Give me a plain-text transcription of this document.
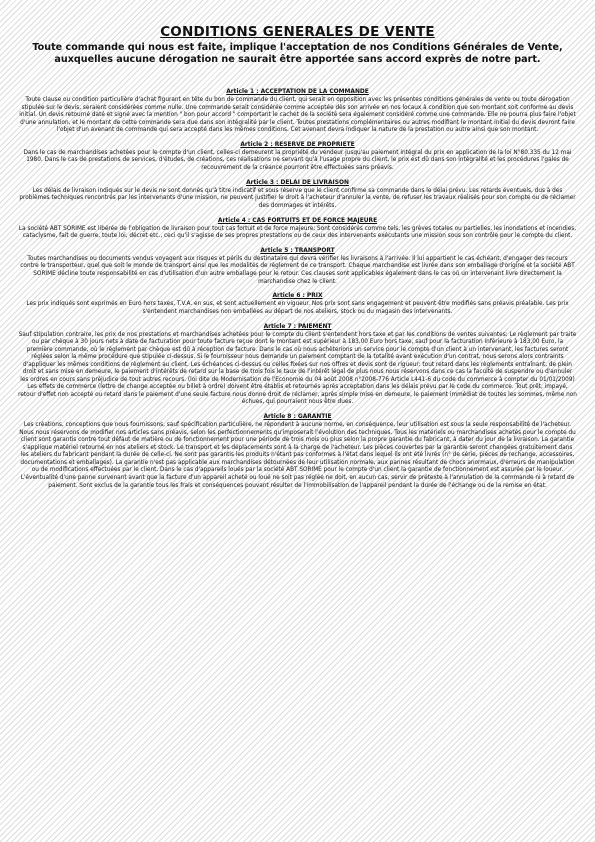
CONDITIONS GENERALES DE VENTE

Toute commande qui nous est faite, implique l'acceptation de nos Conditions Générales de Vente,
auxquelles aucune dérogation ne saurait être apportée sans accord exprès de notre part.

Article 1 : ACCEPTATION DE LA COMMANDE

Toute clause ou condition particulière d'achat figurant en tête du bon de commande du client, qui serait en opposition avec les présentes conditions générales de vente ou toute dérogation stipulée sur le devis, seraient considérées comme nulle. Une commande serait considérée comme acceptée dès son arrivée en nos locaux à condition que son montant soit conforme au devis initial. Un devis retourné daté et signé avec la mention " bon pour accord " comportant le cachet de la société sera également considéré comme une commande. Elle ne pourra plus faire l'objet d'une annulation, et le montant de cette commande sera due dans son intégralité par le client. Toutes prestations complémentaires ou autres modifiant le montant initial du devis devront faire l'objet d'un avenant de commande qui sera accepté dans les mêmes conditions. Cet avenant devra indiquer la nature de la prestation ou autre ainsi que son montant.

Article 2 : RESERVE DE PROPRIETE

Dans le cas de marchandises achetées pour le compte d'un client, celles-ci demeurent la propriété du vendeur jusqu'au paiement intégral du prix en application de la loi N°80.335 du 12 mai 1980. Dans le cas de prestations de services, d'études, de créations, ces réalisations ne servant qu'à l'usage propre du client, le prix est dû dans son intégralité et les procédures l'gales de recouvrement de la créance pourront être effectuées sans préavis.

Article 3 : DELAI DE LIVRAISON

Les délais de livraison indiqués sur le devis ne sont donnés qu'à titre indicatif et sous réserve que le client confirme sa commande dans le délai prévu. Les retards éventuels, dus à des problèmes techniques rencontrés par les intervenants d'une mission, ne peuvent justifier le droit à l'acheteur d'annuler la vente, de refuser les travaux réalisés pour son compte ou de réclamer des dommages et intérêts.

Article 4 : CAS FORTUITS ET DE FORCE MAJEURE

La société ABT SORIME est libérée de l'obligation de livraison pour tout cas fortuit et de force majeure; Sont considérés comme tels, les grèves totales ou partielles, les inondations et incendies, cataclysme, fait de guerre, toute loi, décret etc., ceci qu'il s'agisse de ses propres prestations ou de ceux des intervenants exécutants une mission sous son contrôle pour le compte du client.

Article 5 : TRANSPORT

Toutes marchandises ou documents vendus voyagent aux risques et périls du destinataire qui devra vérifier les livraisons à l'arrivée. Il lui appartient le cas échéant, d'engager des recours contre le transporteur, quel que soit le monde de transport ainsi que les modalités de règlement de ce transport. Chaque marchandise est livrée dans son emballage d'origine et la société ABT SORIME décline toute responsabilité en cas d'utilisation d'un autre emballage pour le retour. Ces clauses sont applicables également dans le cas où un intervenant livre directement la marchandise chez le client.

Article 6 : PRIX

Les prix indiqués sont exprimés en Euro hors taxes, T.V.A. en sus, et sont actuellement en vigueur. Nos prix sont sans engagement et peuvent être modifiés sans préavis préalable. Les prix s'entendent marchandises non emballées au départ de nos ateliers, stock ou du magasin des intervenants.

Article 7 : PAIEMENT

Sauf stipulation contraire, les prix de nos prestations et marchandises achetées pour le compte du client s'entendent hors taxe et par les conditions de ventes suivantes: Le règlement par traite ou par chèque à 30 jours nets à date de facturation pour toute facture reçue dont le montant est supérieur à 183,00 Euro hors taxe, sauf pour la facturation inférieure à 183,00 Euro, la première commande, où le règlement par chèque est dû à réception de facture. Dans le cas où nous achèterions un service pour le compte d'un client à un intervenant, les factures seront réglées selon la même procédure que stipulée ci-dessus. Si le fournisseur nous demande un paiement comptant de la totalité avant exécution d'un contrat, nous serons alors contraints d'appliquer les mêmes conditions de règlement au client. Les échéances ci-dessus ou celles fixées sur nos offres et devis sont de rigueur: tout retard dans les règlements entraînant, de plein droit et sans mise en demeure, le paiement d'intérêts de retard sur la base de trois fois le taux de l'intérêt légal de plus nous nous réservons dans ce cas la faculté de suspendre ou d'annuler les ordres en cours sans préjudice de tout autres recours. (loi dite de Modernisation de l'Economie du 04 août 2008 n°2008-776 Article L441-6 du code du commerce à compter du 01/01/2009) Les effets de commerce (lettre de change acceptée ou billet à ordre) doivent être établis et retournés après acceptation dans les délais prévu par le code du commerce. Tout prêt, impayé, retour d'effet non accepté ou retard dans le paiement d'une seule facture nous donne droit de réclamer, après simple mise en demeure, le paiement immédiat de toutes les sommes, même non échues, qui pourraient nous être dues.

Article 8 : GARANTIE

Les créations, conceptions que nous fournissons, sauf spécification particulière, ne répondent à aucune norme, en conséquence, leur utilisation est sous la seule responsabilité de l'acheteur. Nous nous réservons de modifier nos articles sans préavis, selon les perfectionnements qu'imposerait l'évolution des techniques. Tous les matériels ou marchandises achetés pour le compte du client sont garantis contre tout défaut de matière ou de fonctionnement pour une période de trois mois ou plus selon la propre garantie du fabricant, à dater du jour de la livraison. La garantie s'applique matériel retourné en nos ateliers et stock. Le transport et les déplacements sont à la charge de l'acheteur. Les pièces couvertes par la garantie seront changées gratuitement dans les ateliers du fabricant pendant la durée de celle-ci. Ne sont pas garantis les produits n'étant pas conformes à l'état dans lequel ils ont été livrés (n° de série, pièces de rechange, accessoires, documentations et emballages). La garantie n'est pas applicable aux marchandises détournées de leur utilisation normale, aux pannes résultant de chocs anormaux, d'erreurs de manipulation ou de modifications effectuées par le client. Dans le cas d'appareils loués par la société ABT SORIME pour le compte d'un client la garantie de fonctionnement est assurée par le loueur. L'éventualité d'une panne survenant avant que la facture d'un appareil acheté ou loué ne soit pas réglée ne doit, en aucun cas, servir de prétexte à l'annulation de la commande ni à retard de paiement. Sont exclus de la garantie tous les frais et conséquences pouvant résulter de l'immobilisation de l'appareil pendant la durée de l'échange ou de la remise en état.
